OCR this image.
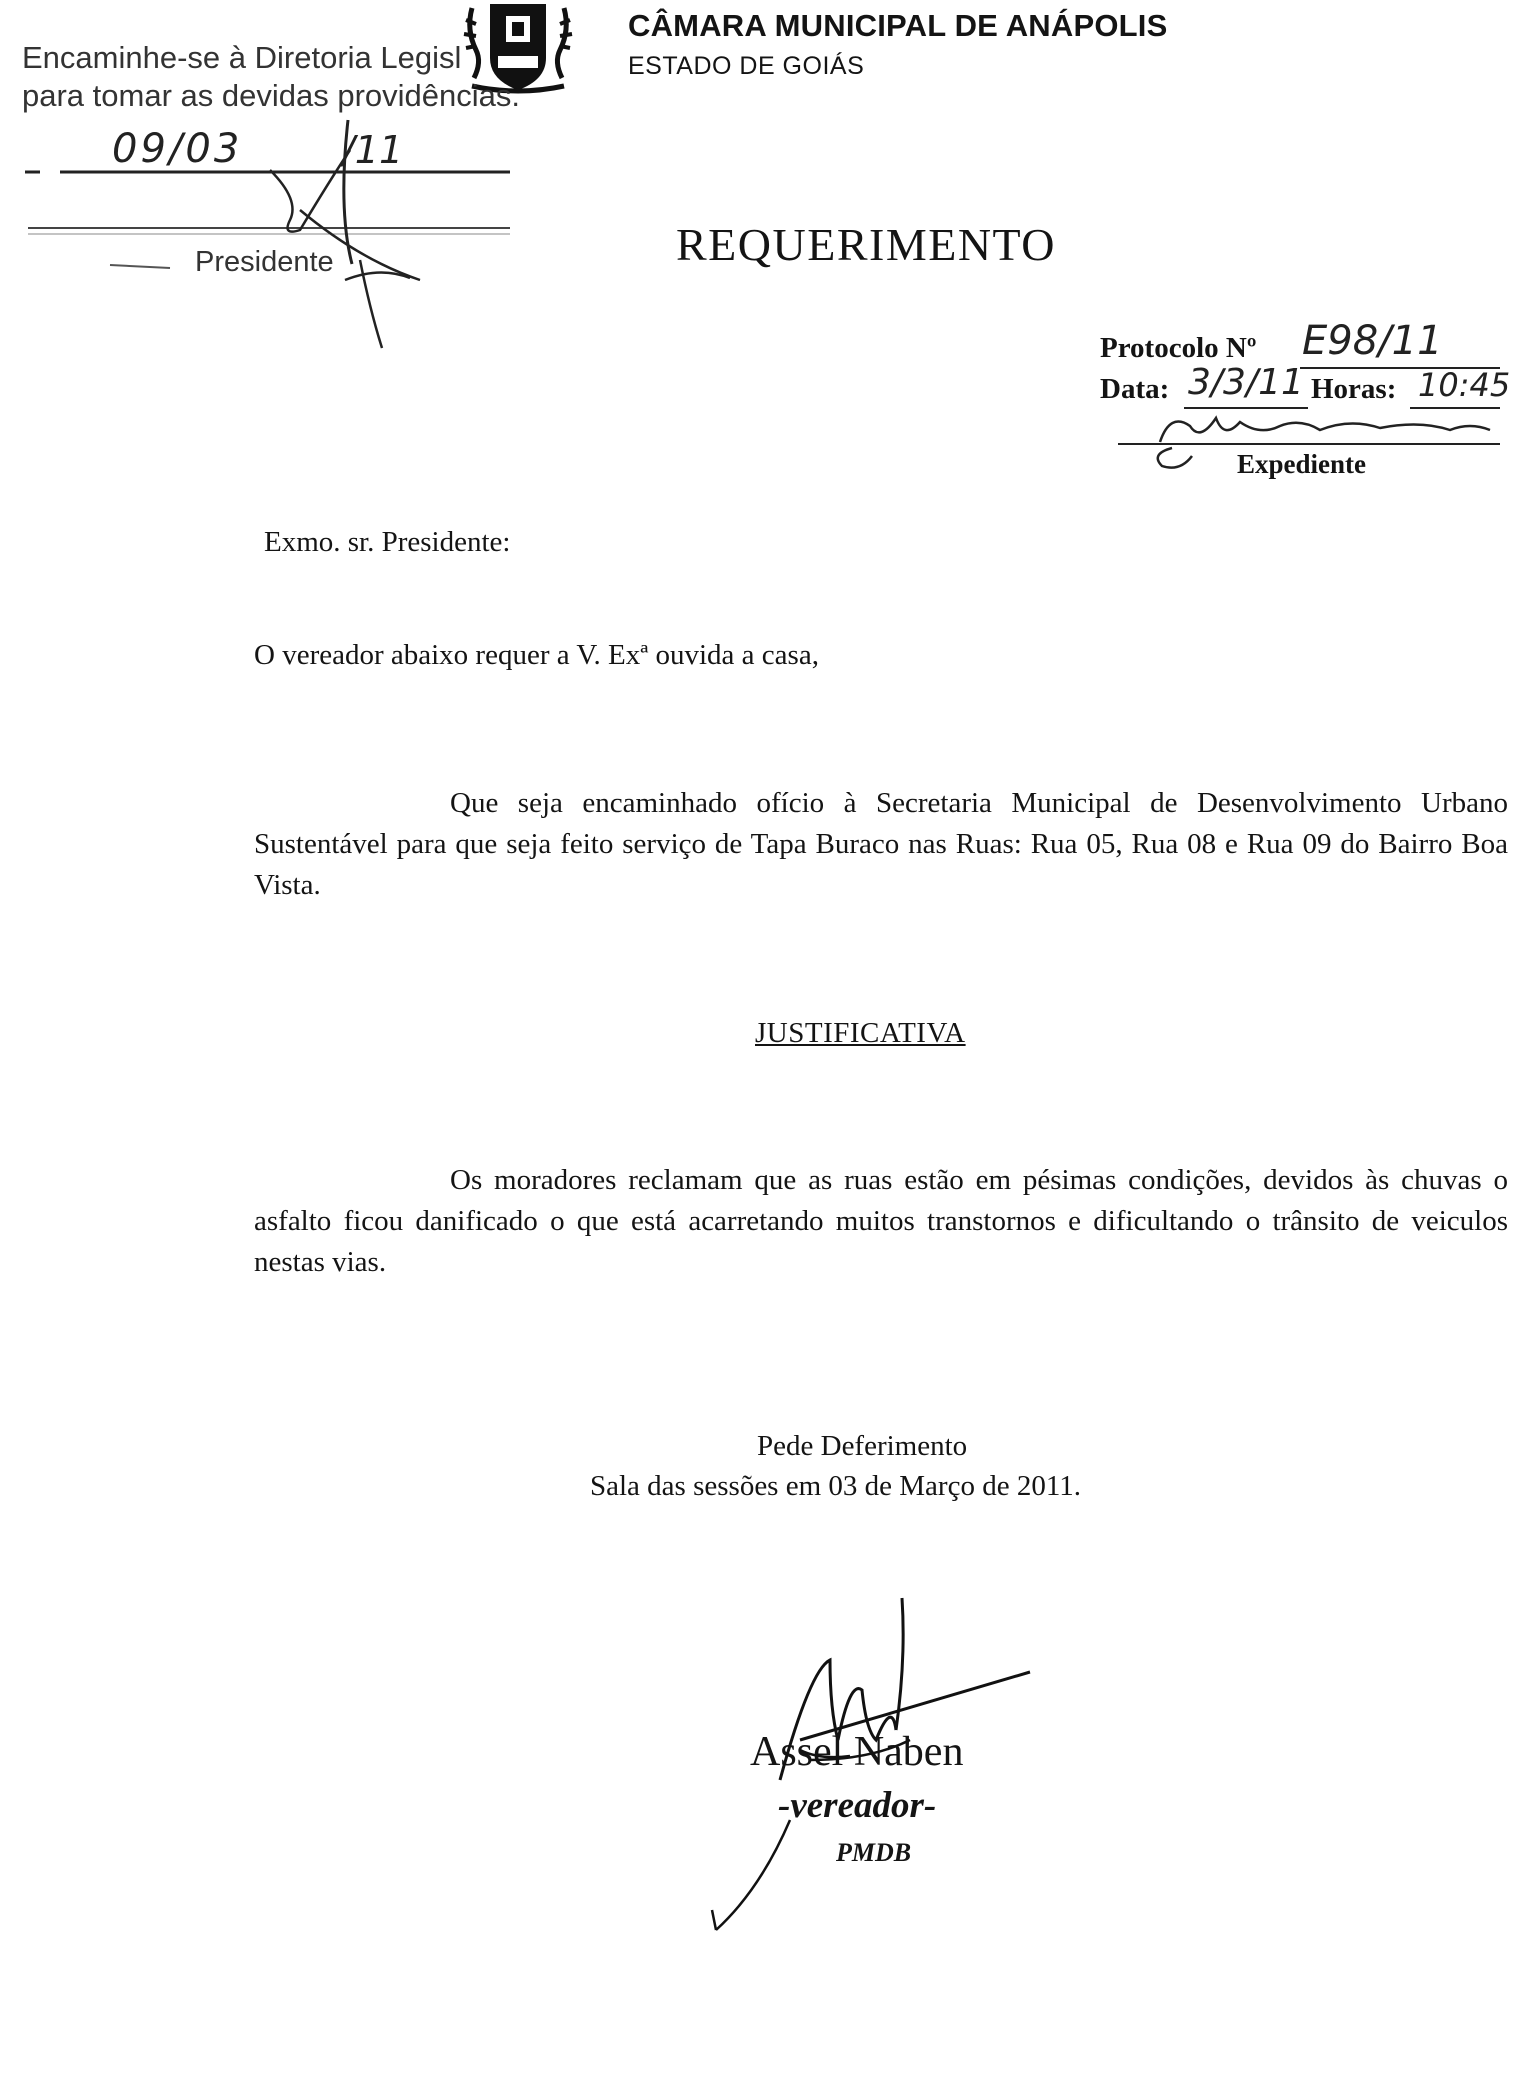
CÂMARA MUNICIPAL DE ANÁPOLIS
ESTADO DE GOIÁS
Encaminhe-se à Diretoria Legisl
para tomar as devidas providências.
09/03	/11
Presidente	REQUERIMENTO
Protocolo Nº E98/11
Data: 3/3/11 Horas: 10:45
Expediente
Exmo. sr. Presidente:
O vereador abaixo requer a V. Exª ouvida a casa,
Que seja encaminhado ofício à Secretaria Municipal de Desenvolvimento Urbano Sustentável para que seja feito serviço de Tapa Buraco nas Ruas: Rua 05, Rua 08 e Rua 09 do Bairro Boa Vista.
JUSTIFICATIVA
Os moradores reclamam que as ruas estão em pésimas condições, devidos às chuvas o asfalto ficou danificado o que está acarretando muitos transtornos e dificultando o trânsito de veiculos nestas vias.
Pede Deferimento
Sala das sessões em 03 de Março de 2011.
Assel Naben
-vereador-
PMDB
